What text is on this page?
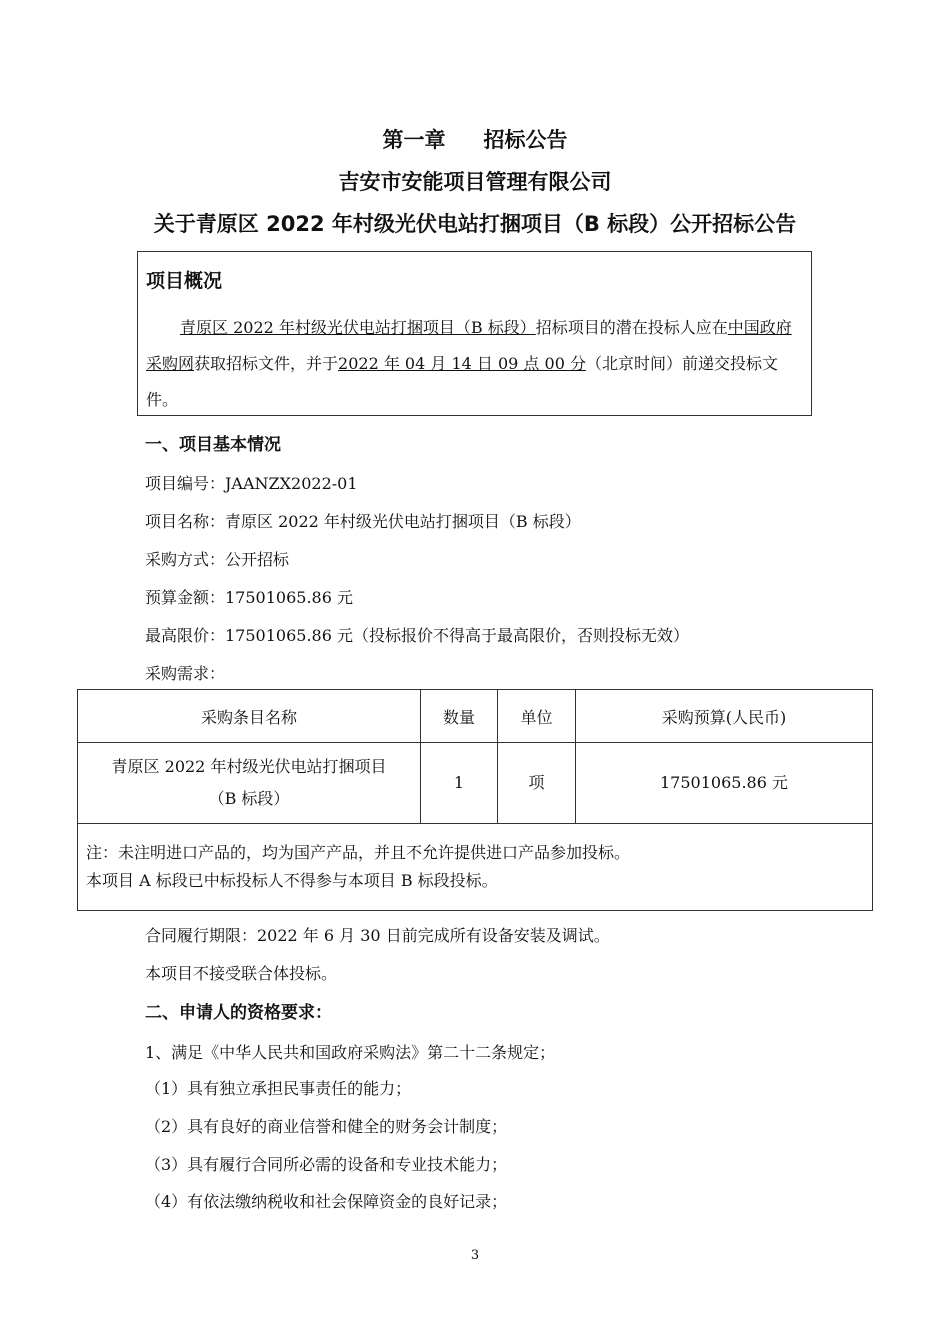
第一章 招标公告
吉安市安能项目管理有限公司
关于青原区 2022 年村级光伏电站打捆项目（B 标段）公开招标公告
项目概况
青原区 2022 年村级光伏电站打捆项目（B 标段）招标项目的潜在投标人应在中国政府采购网获取招标文件，并于2022 年 04 月 14 日 09 点 00 分（北京时间）前递交投标文件。
一、项目基本情况
项目编号：JAANZX2022-01
项目名称：青原区 2022 年村级光伏电站打捆项目（B 标段）
采购方式：公开招标
预算金额：17501065.86 元
最高限价：17501065.86 元（投标报价不得高于最高限价，否则投标无效）
采购需求：
采购条目名称	数量	单位	采购预算(人民币)

青原区 2022 年村级光伏电站打捆项目
（B 标段）	1	项	17501065.86 元

注：未注明进口产品的，均为国产产品，并且不允许提供进口产品参加投标。
本项目 A 标段已中标投标人不得参与本项目 B 标段投标。			
合同履行期限：2022 年 6 月 30 日前完成所有设备安装及调试。
本项目不接受联合体投标。
二、申请人的资格要求：
1、满足《中华人民共和国政府采购法》第二十二条规定；
（1）具有独立承担民事责任的能力；
（2）具有良好的商业信誉和健全的财务会计制度；
（3）具有履行合同所必需的设备和专业技术能力；
（4）有依法缴纳税收和社会保障资金的良好记录；
3
